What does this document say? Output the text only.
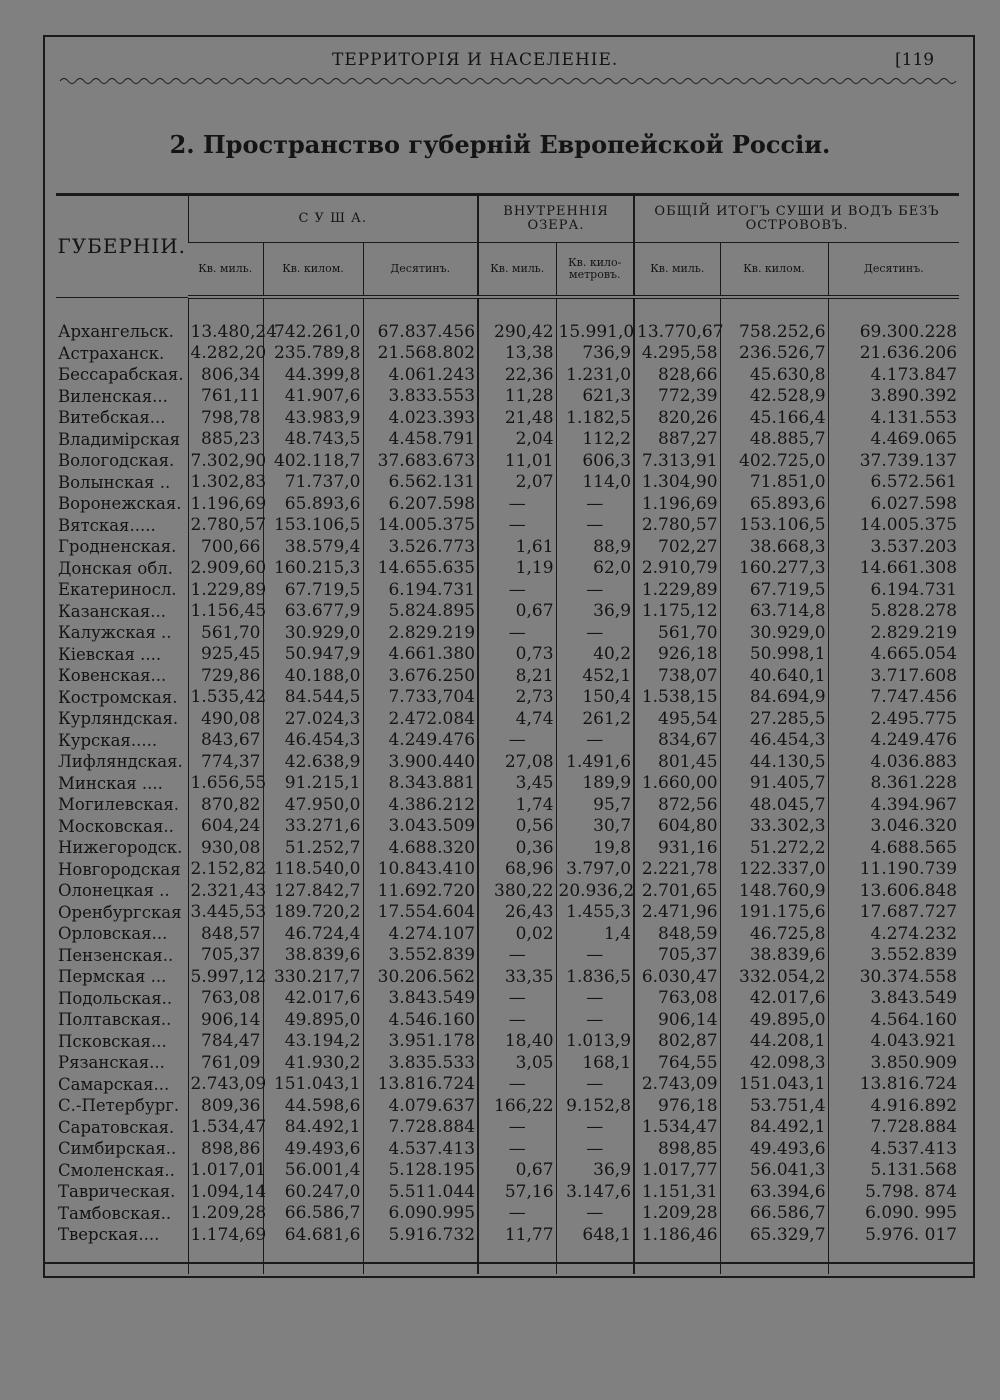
ТЕРРИТОРІЯ И НАСЕЛЕНІЕ.	[119
2. Пространство губерній Европейской Россіи.
ГУБЕРНІИ.	С У Ш А.			ВНУТРЕННІЯ ОЗЕРА.		ОБЩІЙ ИТОГЪ СУШИ И ВОДЪ БЕЗЪ ОСТРОВОВЪ.		
	Кв. миль.	Кв. килом.	Десятинъ.	Кв. миль.	Кв. кило- метровъ.	Кв. миль.	Кв. килом.	Десятинъ.

Архангельск.	13.480,24	742.261,0	67.837.456	290,42	15.991,0	13.770,67	758.252,6	69.300.228
Астраханск.	4.282,20	235.789,8	21.568.802	13,38	736,9	4.295,58	236.526,7	21.636.206
Бессарабская.	806,34	44.399,8	4.061.243	22,36	1.231,0	828,66	45.630,8	4.173.847
Виленская...	761,11	41.907,6	3.833.553	11,28	621,3	772,39	42.528,9	3.890.392
Витебская...	798,78	43.983,9	4.023.393	21,48	1.182,5	820,26	45.166,4	4.131.553
Владимірская	885,23	48.743,5	4.458.791	2,04	112,2	887,27	48.885,7	4.469.065
Вологодская.	7.302,90	402.118,7	37.683.673	11,01	606,3	7.313,91	402.725,0	37.739.137
Волынская ..	1.302,83	71.737,0	6.562.131	2,07	114,0	1.304,90	71.851,0	6.572.561
Воронежская.	1.196,69	65.893,6	6.207.598	—	—	1.196,69	65.893,6	6.027.598
Вятская.....	2.780,57	153.106,5	14.005.375	—	—	2.780,57	153.106,5	14.005.375
Гродненская.	700,66	38.579,4	3.526.773	1,61	88,9	702,27	38.668,3	3.537.203
Донская обл.	2.909,60	160.215,3	14.655.635	1,19	62,0	2.910,79	160.277,3	14.661.308
Екатериносл.	1.229,89	67.719,5	6.194.731	—	—	1.229,89	67.719,5	6.194.731
Казанская...	1.156,45	63.677,9	5.824.895	0,67	36,9	1.175,12	63.714,8	5.828.278
Калужская ..	561,70	30.929,0	2.829.219	—	—	561,70	30.929,0	2.829.219
Кіевская ....	925,45	50.947,9	4.661.380	0,73	40,2	926,18	50.998,1	4.665.054
Ковенская...	729,86	40.188,0	3.676.250	8,21	452,1	738,07	40.640,1	3.717.608
Костромская.	1.535,42	84.544,5	7.733,704	2,73	150,4	1.538,15	84.694,9	7.747.456
Курляндская.	490,08	27.024,3	2.472.084	4,74	261,2	495,54	27.285,5	2.495.775
Курская.....	843,67	46.454,3	4.249.476	—	—	834,67	46.454,3	4.249.476
Лифляндская.	774,37	42.638,9	3.900.440	27,08	1.491,6	801,45	44.130,5	4.036.883
Минская ....	1.656,55	91.215,1	8.343.881	3,45	189,9	1.660,00	91.405,7	8.361.228
Могилевская.	870,82	47.950,0	4.386.212	1,74	95,7	872,56	48.045,7	4.394.967
Московская..	604,24	33.271,6	3.043.509	0,56	30,7	604,80	33.302,3	3.046.320
Нижегородск.	930,08	51.252,7	4.688.320	0,36	19,8	931,16	51.272,2	4.688.565
Новгородская	2.152,82	118.540,0	10.843.410	68,96	3.797,0	2.221,78	122.337,0	11.190.739
Олонецкая ..	2.321,43	127.842,7	11.692.720	380,22	20.936,2	2.701,65	148.760,9	13.606.848
Оренбургская	3.445,53	189.720,2	17.554.604	26,43	1.455,3	2.471,96	191.175,6	17.687.727
Орловская...	848,57	46.724,4	4.274.107	0,02	1,4	848,59	46.725,8	4.274.232
Пензенская..	705,37	38.839,6	3.552.839	—	—	705,37	38.839,6	3.552.839
Пермская ...	5.997,12	330.217,7	30.206.562	33,35	1.836,5	6.030,47	332.054,2	30.374.558
Подольская..	763,08	42.017,6	3.843.549	—	—	763,08	42.017,6	3.843.549
Полтавская..	906,14	49.895,0	4.546.160	—	—	906,14	49.895,0	4.564.160
Псковская...	784,47	43.194,2	3.951.178	18,40	1.013,9	802,87	44.208,1	4.043.921
Рязанская...	761,09	41.930,2	3.835.533	3,05	168,1	764,55	42.098,3	3.850.909
Самарская...	2.743,09	151.043,1	13.816.724	—	—	2.743,09	151.043,1	13.816.724
С.-Петербург.	809,36	44.598,6	4.079.637	166,22	9.152,8	976,18	53.751,4	4.916.892
Саратовская.	1.534,47	84.492,1	7.728.884	—	—	1.534,47	84.492,1	7.728.884
Симбирская..	898,86	49.493,6	4.537.413	—	—	898,85	49.493,6	4.537.413
Смоленская..	1.017,01	56.001,4	5.128.195	0,67	36,9	1.017,77	56.041,3	5.131.568
Таврическая.	1.094,14	60.247,0	5.511.044	57,16	3.147,6	1.151,31	63.394,6	5.798. 874
Тамбовская..	1.209,28	66.586,7	6.090.995	—	—	1.209,28	66.586,7	6.090. 995
Тверская....	1.174,69	64.681,6	5.916.732	11,77	648,1	1.186,46	65.329,7	5.976. 017
